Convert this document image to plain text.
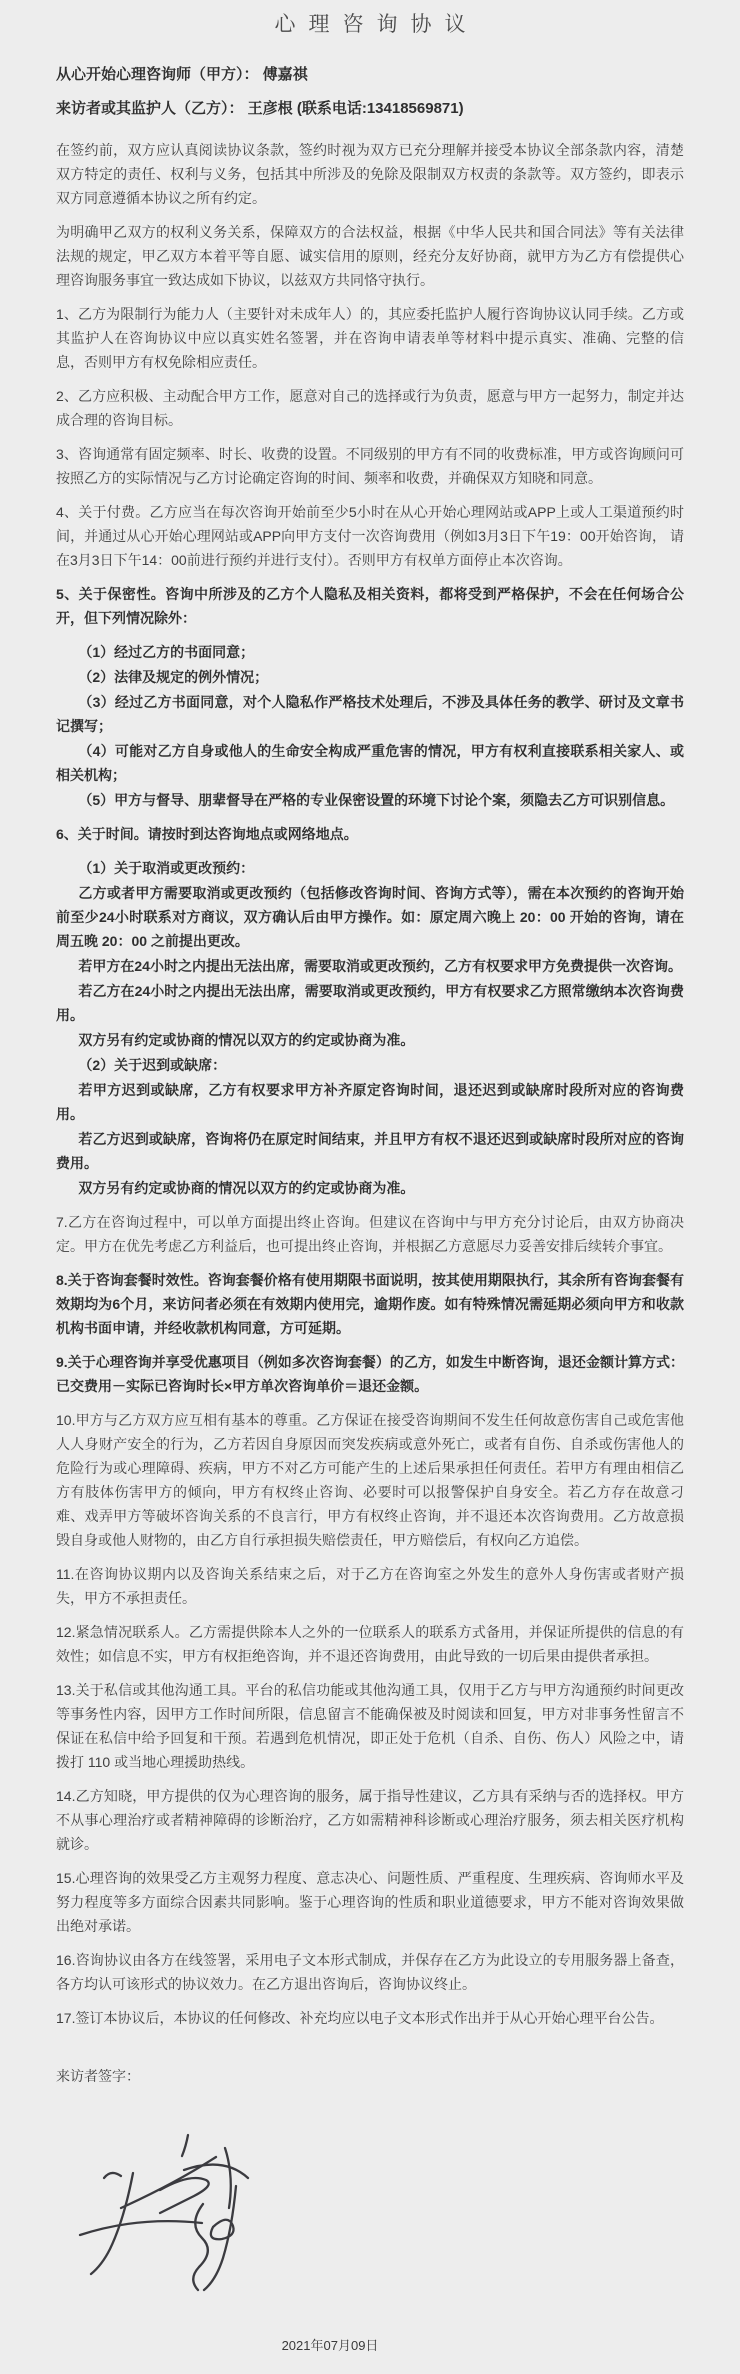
心理咨询协议

从心开始心理咨询师（甲方）： 傅嘉祺

来访者或其监护人（乙方）： 王彦根 (联系电话:13418569871)

在签约前，双方应认真阅读协议条款，签约时视为双方已充分理解并接受本协议全部条款内容，清楚双方特定的责任、权利与义务，包括其中所涉及的免除及限制双方权责的条款等。双方签约，即表示双方同意遵循本协议之所有约定。

为明确甲乙双方的权利义务关系，保障双方的合法权益，根据《中华人民共和国合同法》等有关法律法规的规定，甲乙双方本着平等自愿、诚实信用的原则，经充分友好协商，就甲方为乙方有偿提供心理咨询服务事宜一致达成如下协议，以兹双方共同恪守执行。

1、乙方为限制行为能力人（主要针对未成年人）的，其应委托监护人履行咨询协议认同手续。乙方或其监护人在咨询协议中应以真实姓名签署，并在咨询申请表单等材料中提示真实、准确、完整的信息，否则甲方有权免除相应责任。

2、乙方应积极、主动配合甲方工作，愿意对自己的选择或行为负责，愿意与甲方一起努力，制定并达成合理的咨询目标。

3、咨询通常有固定频率、时长、收费的设置。不同级别的甲方有不同的收费标准，甲方或咨询顾问可按照乙方的实际情况与乙方讨论确定咨询的时间、频率和收费，并确保双方知晓和同意。

4、关于付费。乙方应当在每次咨询开始前至少5小时在从心开始心理网站或APP上或人工渠道预约时间，并通过从心开始心理网站或APP向甲方支付一次咨询费用（例如3月3日下午19：00开始咨询， 请在3月3日下午14：00前进行预约并进行支付）。否则甲方有权单方面停止本次咨询。

5、关于保密性。咨询中所涉及的乙方个人隐私及相关资料，都将受到严格保护，不会在任何场合公开，但下列情况除外：

（1）经过乙方的书面同意；

（2）法律及规定的例外情况；

（3）经过乙方书面同意，对个人隐私作严格技术处理后，不涉及具体任务的教学、研讨及文章书记撰写；

（4）可能对乙方自身或他人的生命安全构成严重危害的情况，甲方有权利直接联系相关家人、或相关机构；

（5）甲方与督导、朋辈督导在严格的专业保密设置的环境下讨论个案，须隐去乙方可识别信息。

6、关于时间。请按时到达咨询地点或网络地点。

（1）关于取消或更改预约：

乙方或者甲方需要取消或更改预约（包括修改咨询时间、咨询方式等），需在本次预约的咨询开始前至少24小时联系对方商议，双方确认后由甲方操作。如：原定周六晚上 20：00 开始的咨询，请在周五晚 20：00 之前提出更改。

若甲方在24小时之内提出无法出席，需要取消或更改预约，乙方有权要求甲方免费提供一次咨询。

若乙方在24小时之内提出无法出席，需要取消或更改预约，甲方有权要求乙方照常缴纳本次咨询费用。

双方另有约定或协商的情况以双方的约定或协商为准。

（2）关于迟到或缺席：

若甲方迟到或缺席，乙方有权要求甲方补齐原定咨询时间，退还迟到或缺席时段所对应的咨询费用。

若乙方迟到或缺席，咨询将仍在原定时间结束，并且甲方有权不退还迟到或缺席时段所对应的咨询费用。

双方另有约定或协商的情况以双方的约定或协商为准。

7.乙方在咨询过程中，可以单方面提出终止咨询。但建议在咨询中与甲方充分讨论后，由双方协商决定。甲方在优先考虑乙方利益后，也可提出终止咨询，并根据乙方意愿尽力妥善安排后续转介事宜。

8.关于咨询套餐时效性。咨询套餐价格有使用期限书面说明，按其使用期限执行，其余所有咨询套餐有效期均为6个月，来访问者必须在有效期内使用完，逾期作废。如有特殊情况需延期必须向甲方和收款机构书面申请，并经收款机构同意，方可延期。

9.关于心理咨询并享受优惠项目（例如多次咨询套餐）的乙方，如发生中断咨询，退还金额计算方式：已交费用－实际已咨询时长×甲方单次咨询单价＝退还金额。

10.甲方与乙方双方应互相有基本的尊重。乙方保证在接受咨询期间不发生任何故意伤害自己或危害他人人身财产安全的行为，乙方若因自身原因而突发疾病或意外死亡，或者有自伤、自杀或伤害他人的危险行为或心理障碍、疾病，甲方不对乙方可能产生的上述后果承担任何责任。若甲方有理由相信乙方有肢体伤害甲方的倾向，甲方有权终止咨询、必要时可以报警保护自身安全。若乙方存在故意刁难、戏弄甲方等破坏咨询关系的不良言行，甲方有权终止咨询，并不退还本次咨询费用。乙方故意损毁自身或他人财物的，由乙方自行承担损失赔偿责任，甲方赔偿后，有权向乙方追偿。

11.在咨询协议期内以及咨询关系结束之后，对于乙方在咨询室之外发生的意外人身伤害或者财产损失，甲方不承担责任。

12.紧急情况联系人。乙方需提供除本人之外的一位联系人的联系方式备用，并保证所提供的信息的有效性；如信息不实，甲方有权拒绝咨询，并不退还咨询费用，由此导致的一切后果由提供者承担。

13.关于私信或其他沟通工具。平台的私信功能或其他沟通工具，仅用于乙方与甲方沟通预约时间更改等事务性内容，因甲方工作时间所限，信息留言不能确保被及时阅读和回复，甲方对非事务性留言不保证在私信中给予回复和干预。若遇到危机情况，即正处于危机（自杀、自伤、伤人）风险之中，请拨打 110 或当地心理援助热线。

14.乙方知晓，甲方提供的仅为心理咨询的服务，属于指导性建议，乙方具有采纳与否的选择权。甲方不从事心理治疗或者精神障碍的诊断治疗，乙方如需精神科诊断或心理治疗服务，须去相关医疗机构就诊。

15.心理咨询的效果受乙方主观努力程度、意志决心、问题性质、严重程度、生理疾病、咨询师水平及努力程度等多方面综合因素共同影响。鉴于心理咨询的性质和职业道德要求，甲方不能对咨询效果做出绝对承诺。

16.咨询协议由各方在线签署，采用电子文本形式制成，并保存在乙方为此设立的专用服务器上备查，各方均认可该形式的协议效力。在乙方退出咨询后，咨询协议终止。

17.签订本协议后，本协议的任何修改、补充均应以电子文本形式作出并于从心开始心理平台公告。

来访者签字：

2021年07月09日
